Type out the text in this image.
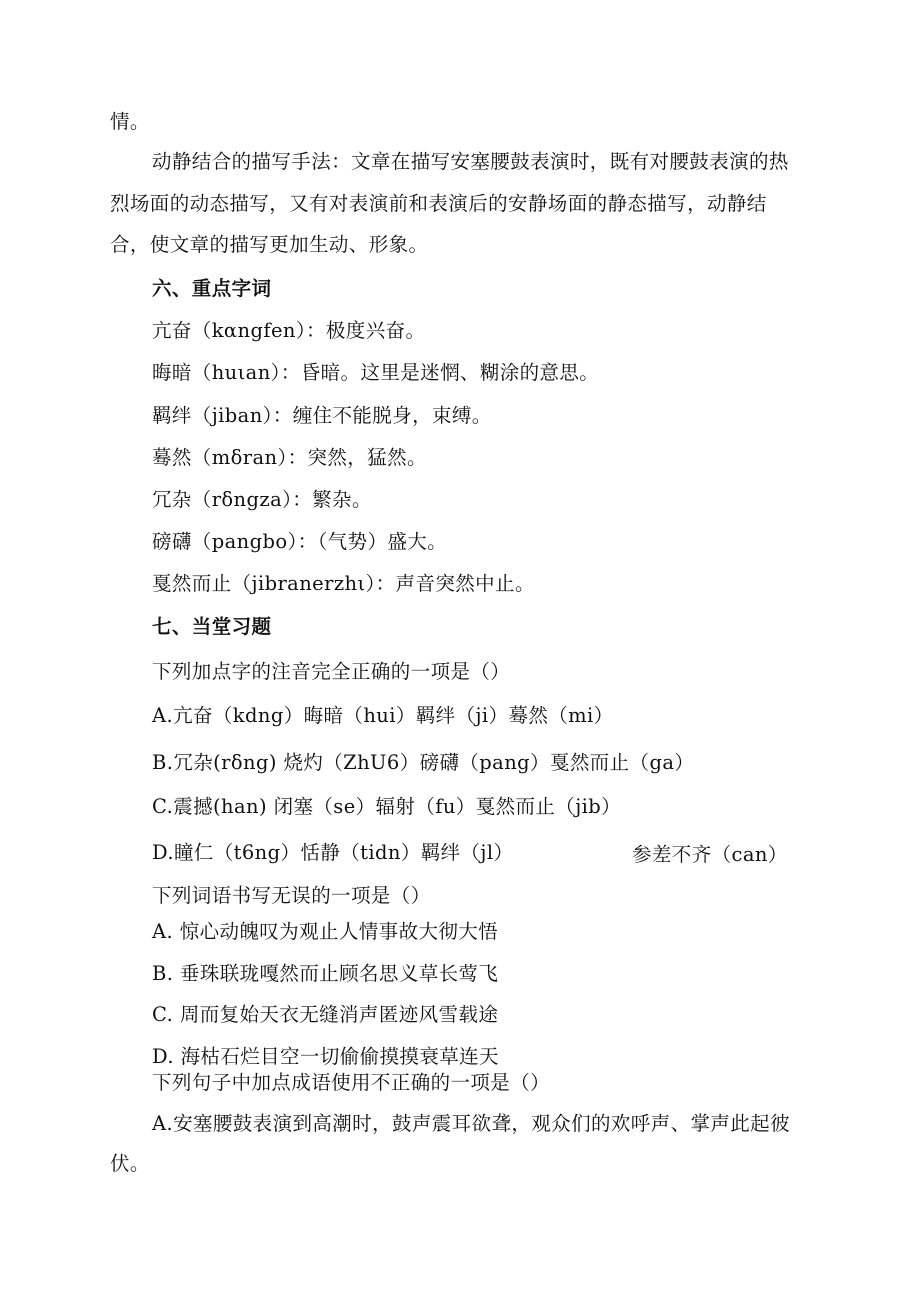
情。
动静结合的描写手法：文章在描写安塞腰鼓表演时，既有对腰鼓表演的热
烈场面的动态描写，又有对表演前和表演后的安静场面的静态描写，动静结
合，使文章的描写更加生动、形象。
六、重点字词
亢奋（kαngfen）：极度兴奋。
晦暗（huιan）：昏暗。这里是迷惘、糊涂的意思。
羁绊（jiban）：缠住不能脱身，束缚。
蓦然（mδran）：突然，猛然。
冗杂（rδngza）：繁杂。
磅礴（pangbo）：（气势）盛大。
戛然而止（jibranerzhι）：声音突然中止。
七、当堂习题
下列加点字的注音完全正确的一项是（）
A.亢奋（kdng）晦暗（hui）羁绊（ji）蓦然（mi）
B.冗杂(rδng) 烧灼（ZhU6）磅礴（pang）戛然而止（ga）
C.震撼(han) 闭塞（se）辐射（fu）戛然而止（jib）
D.瞳仁（t6ng）恬静（tidn）羁绊（jl）	参差不齐（can）
下列词语书写无误的一项是（）
A. 惊心动魄叹为观止人情事故大彻大悟
B. 垂珠联珑嘎然而止顾名思义草长莺飞
C. 周而复始天衣无缝消声匿迹风雪载途
D. 海枯石烂目空一切偷偷摸摸衰草连天
下列句子中加点成语使用不正确的一项是（）
A.安塞腰鼓表演到高潮时，鼓声震耳欲聋，观众们的欢呼声、掌声此起彼
伏。
